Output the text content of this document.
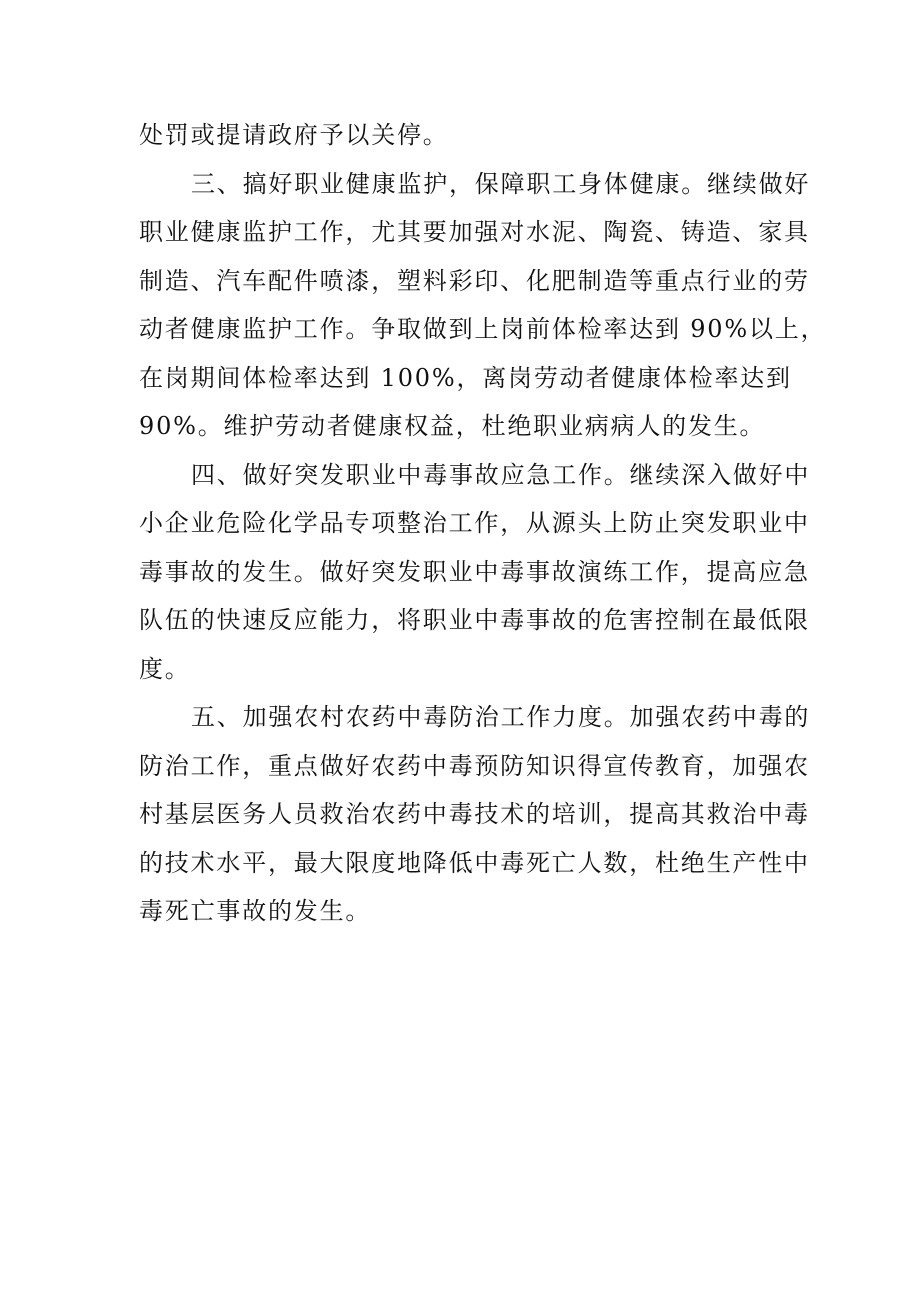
处罚或提请政府予以关停。
三、搞好职业健康监护，保障职工身体健康。继续做好
职业健康监护工作，尤其要加强对水泥、陶瓷、铸造、家具
制造、汽车配件喷漆，塑料彩印、化肥制造等重点行业的劳
动者健康监护工作。争取做到上岗前体检率达到 90%以上，
在岗期间体检率达到 100%，离岗劳动者健康体检率达到
90%。维护劳动者健康权益，杜绝职业病病人的发生。
四、做好突发职业中毒事故应急工作。继续深入做好中
小企业危险化学品专项整治工作，从源头上防止突发职业中
毒事故的发生。做好突发职业中毒事故演练工作，提高应急
队伍的快速反应能力，将职业中毒事故的危害控制在最低限
度。
五、加强农村农药中毒防治工作力度。加强农药中毒的
防治工作，重点做好农药中毒预防知识得宣传教育，加强农
村基层医务人员救治农药中毒技术的培训，提高其救治中毒
的技术水平，最大限度地降低中毒死亡人数，杜绝生产性中
毒死亡事故的发生。
